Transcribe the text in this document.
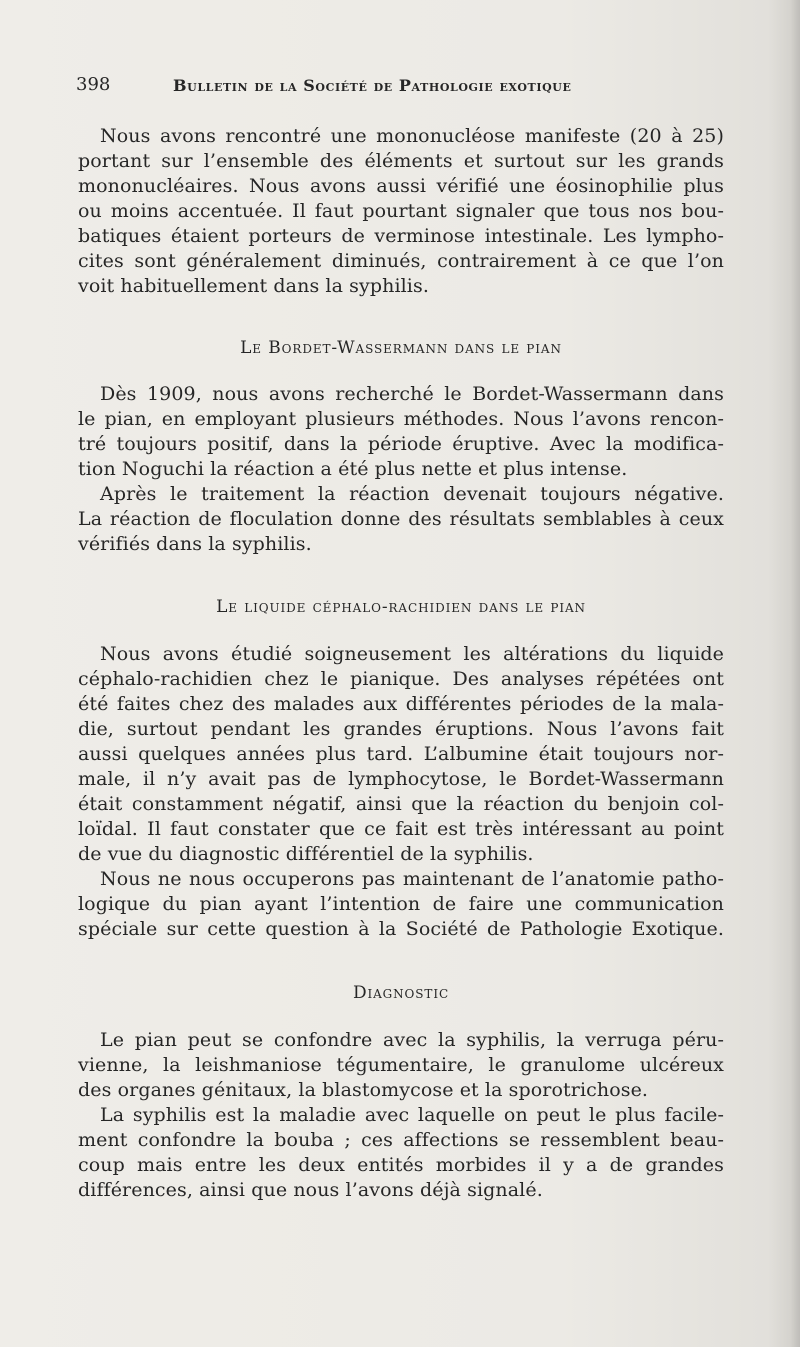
398	Bulletin de la Société de Pathologie exotique
Nous avons rencontré une mononucléose manifeste (20 à 25)
portant sur l’ensemble des éléments et surtout sur les grands
mononucléaires. Nous avons aussi vérifié une éosinophilie plus
ou moins accentuée. Il faut pourtant signaler que tous nos bou-
batiques étaient porteurs de verminose intestinale. Les lympho-
cites sont généralement diminués, contrairement à ce que l’on
voit habituellement dans la syphilis.
Le Bordet-Wassermann dans le pian
Dès 1909, nous avons recherché le Bordet-Wassermann dans
le pian, en employant plusieurs méthodes. Nous l’avons rencon-
tré toujours positif, dans la période éruptive. Avec la modifica-
tion Noguchi la réaction a été plus nette et plus intense.
Après le traitement la réaction devenait toujours négative.
La réaction de floculation donne des résultats semblables à ceux
vérifiés dans la syphilis.
Le liquide céphalo-rachidien dans le pian
Nous avons étudié soigneusement les altérations du liquide
céphalo-rachidien chez le pianique. Des analyses répétées ont
été faites chez des malades aux différentes périodes de la mala-
die, surtout pendant les grandes éruptions. Nous l’avons fait
aussi quelques années plus tard. L’albumine était toujours nor-
male, il n’y avait pas de lymphocytose, le Bordet-Wassermann
était constamment négatif, ainsi que la réaction du benjoin col-
loïdal. Il faut constater que ce fait est très intéressant au point
de vue du diagnostic différentiel de la syphilis.
Nous ne nous occuperons pas maintenant de l’anatomie patho-
logique du pian ayant l’intention de faire une communication
spéciale sur cette question à la Société de Pathologie Exotique.
Diagnostic
Le pian peut se confondre avec la syphilis, la verruga péru-
vienne, la leishmaniose tégumentaire, le granulome ulcéreux
des organes génitaux, la blastomycose et la sporotrichose.
La syphilis est la maladie avec laquelle on peut le plus facile-
ment confondre la bouba ; ces affections se ressemblent beau-
coup mais entre les deux entités morbides il y a de grandes
différences, ainsi que nous l’avons déjà signalé.
